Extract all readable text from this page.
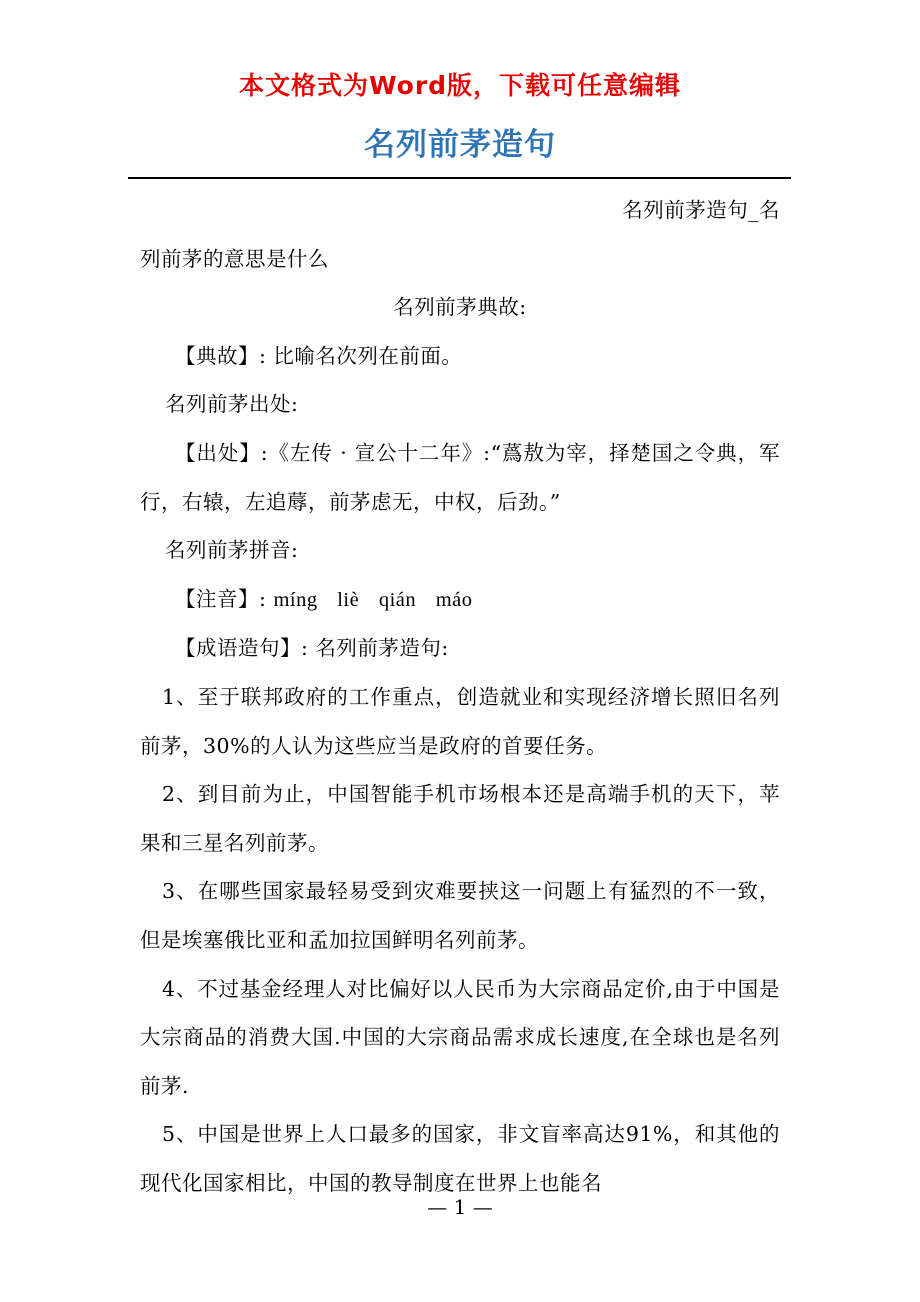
本文格式为Word版，下载可任意编辑
名列前茅造句

名列前茅造句_名

列前茅的意思是什么

名列前茅典故:

【典故】: 比喻名次列在前面。

名列前茅出处:

【出处】:《左传 · 宣公十二年》:“蔿敖为宰，择楚国之令典，军行，右辕，左追蓐，前茅虑无，中权，后劲。”

名列前茅拼音:

【注音】: míng liè qián máo

【成语造句】: 名列前茅造句:

1、至于联邦政府的工作重点，创造就业和实现经济增长照旧名列前茅，30%的人认为这些应当是政府的首要任务。

2、到目前为止，中国智能手机市场根本还是高端手机的天下，苹果和三星名列前茅。

3、在哪些国家最轻易受到灾难要挟这一问题上有猛烈的不一致，但是埃塞俄比亚和孟加拉国鲜明名列前茅。

4、不过基金经理人对比偏好以人民币为大宗商品定价,由于中国是大宗商品的消费大国.中国的大宗商品需求成长速度,在全球也是名列前茅.

5、中国是世界上人口最多的国家，非文盲率高达91%，和其他的现代化国家相比，中国的教导制度在世界上也能名

— 1 —
